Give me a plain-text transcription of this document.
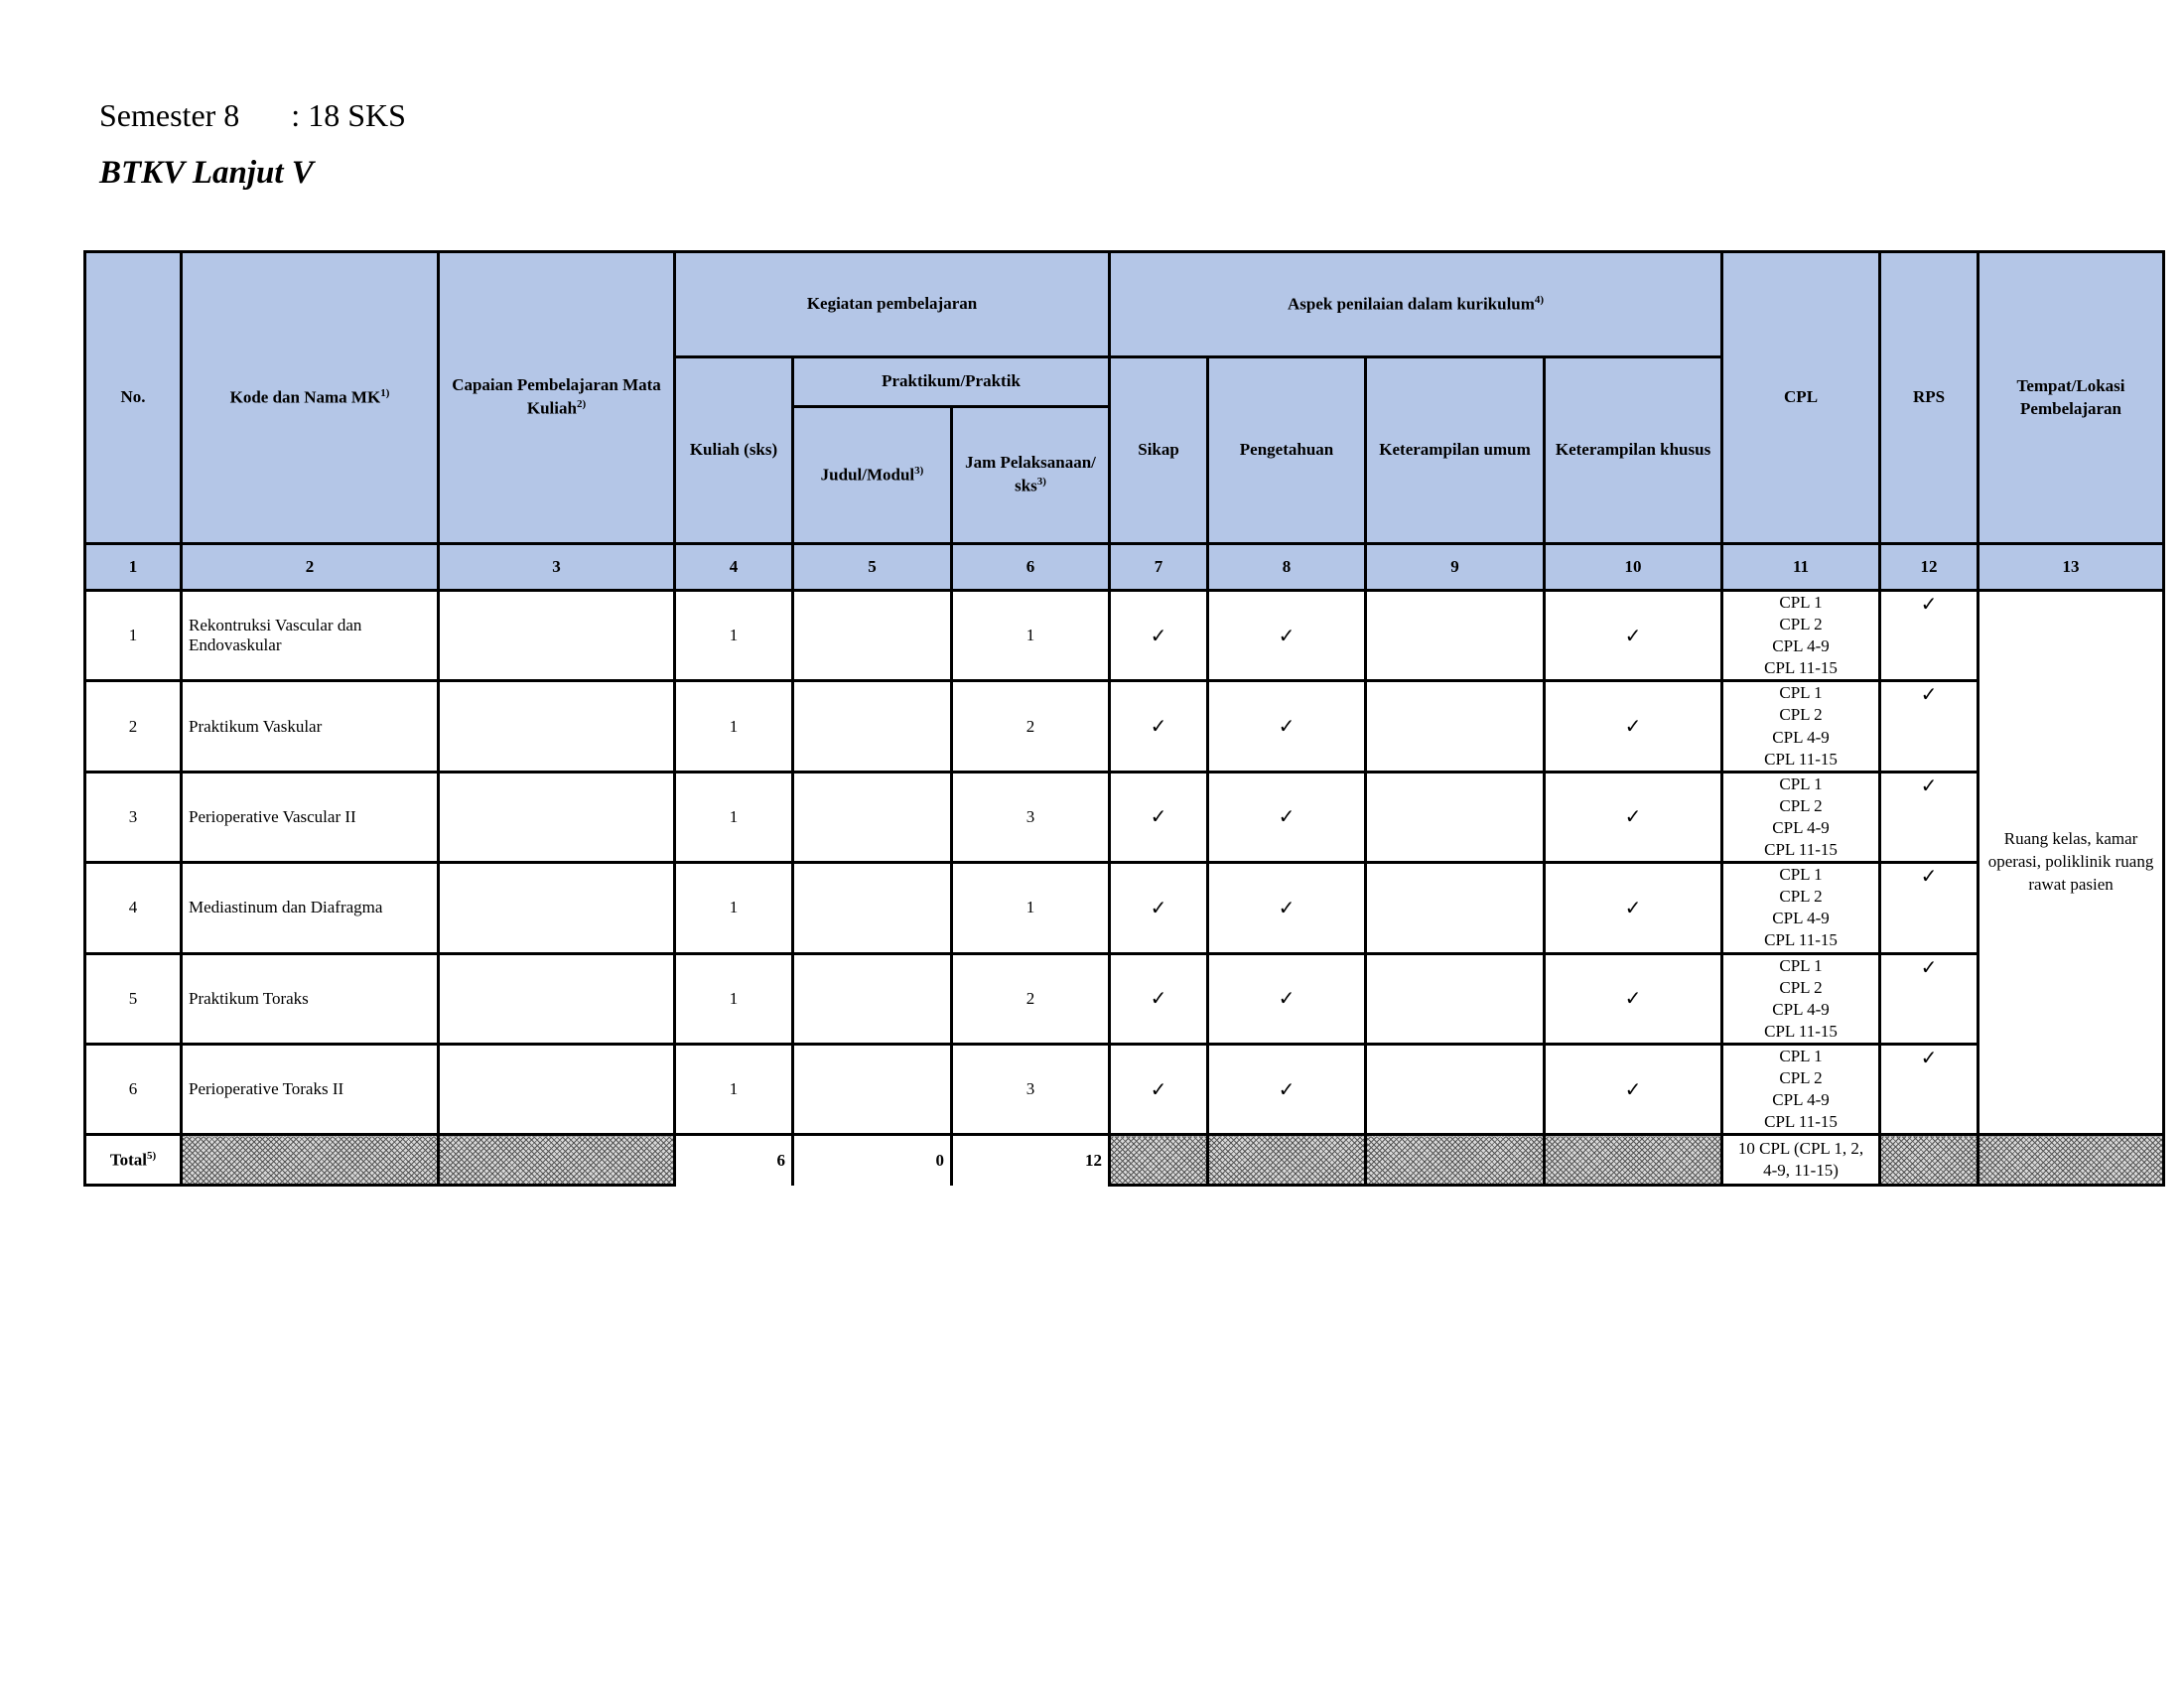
Semester 8 : 18 SKS
BTKV Lanjut V
No.	Kode dan Nama MK$^{1)}$	Capaian Pembelajaran Mata Kuliah$^{2)}$	Kegiatan pembelajaran			Aspek penilaian dalam kurikulum$^{4)}$				CPL	RPS	Tempat/Lokasi Pembelajaran
			Kuliah (sks)	Praktikum/Praktik		Sikap	Pengetahuan	Keterampilan umum	Keterampilan khusus			
				Judul/Modul$^{3)}$	Jam Pelaksanaan/ sks$^{3)}$
1	2	3	4	5	6	7	8	9	10	11	12	13
1	Rekontruksi Vascular dan Endovaskular		1		1	✓	✓		✓	CPL 1
CPL 2
CPL 4-9
CPL 11-15	✓	Ruang kelas, kamar operasi, poliklinik ruang rawat pasien
2	Praktikum Vaskular		1		2	✓	✓		✓	CPL 1
CPL 2
CPL 4-9
CPL 11-15	✓	
3	Perioperative Vascular II		1		3	✓	✓		✓	CPL 1
CPL 2
CPL 4-9
CPL 11-15	✓	
4	Mediastinum dan Diafragma		1		1	✓	✓		✓	CPL 1
CPL 2
CPL 4-9
CPL 11-15	✓	
5	Praktikum Toraks		1		2	✓	✓		✓	CPL 1
CPL 2
CPL 4-9
CPL 11-15	✓	
6	Perioperative Toraks II		1		3	✓	✓		✓	CPL 1
CPL 2
CPL 4-9
CPL 11-15	✓	
Total$^{5)}$			6	0	12					10 CPL (CPL 1, 2, 4-9, 11-15)		
